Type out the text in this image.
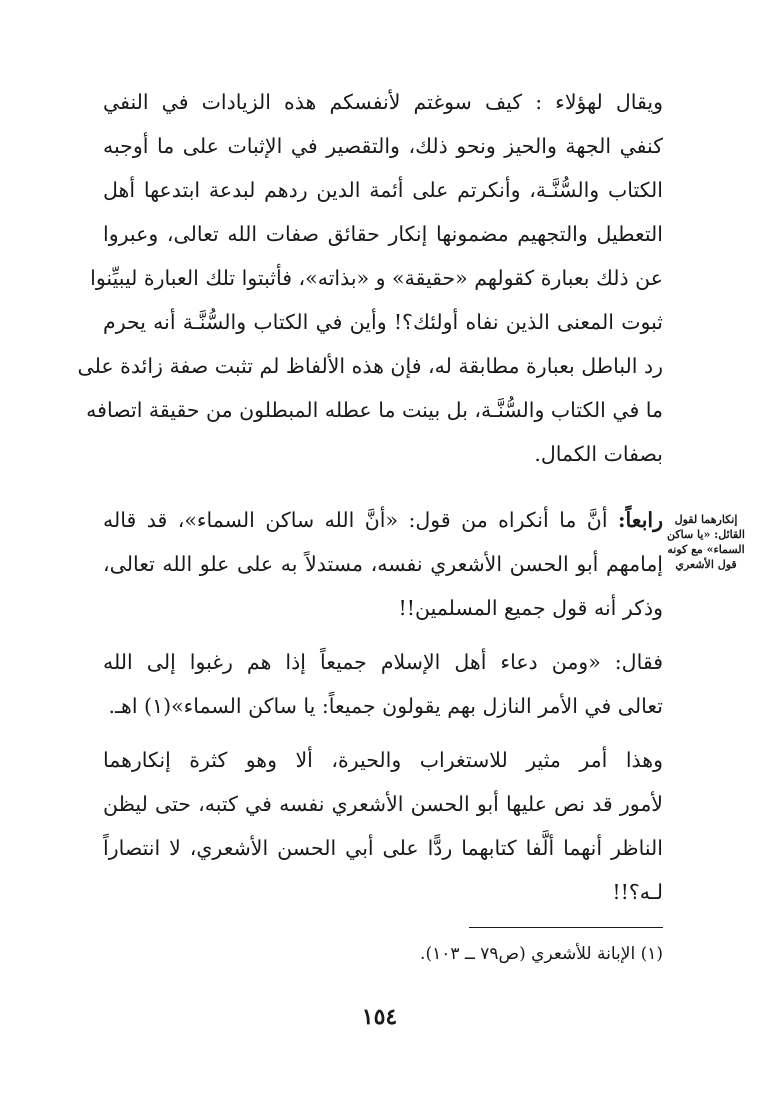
ويقال لهؤلاء : كيف سوغتم لأنفسكم هذه الزيادات في النفي
كنفي الجهة والحيز ونحو ذلك، والتقصير في الإثبات على ما أوجبه
الكتاب والسُّنَّـة، وأنكرتم على أئمة الدين ردهم لبدعة ابتدعها أهل
التعطيل والتجهيم مضمونها إنكار حقائق صفات الله تعالى، وعبروا
عن ذلك بعبارة كقولهم «حقيقة» و «بذاته»، فأثبتوا تلك العبارة ليبيِّنوا
ثبوت المعنى الذين نفاه أولئك؟! وأين في الكتاب والسُّنَّـة أنه يحرم
رد الباطل بعبارة مطابقة له، فإن هذه الألفاظ لم تثبت صفة زائدة على
ما في الكتاب والسُّنَّـة، بل بينت ما عطله المبطلون من حقيقة اتصافه
بصفات الكمال.
إنكارهما لقول
القائل: «يا ساكن
السماء» مع كونه
قول الأشعري
رابعاً: أنَّ ما أنكراه من قول: «أنَّ الله ساكن السماء»، قد قاله
إمامهم أبو الحسن الأشعري نفسه، مستدلاً به على علو الله تعالى،
وذكر أنه قول جميع المسلمين!!
فقال: «ومن دعاء أهل الإسلام جميعاً إذا هم رغبوا إلى الله
تعالى في الأمر النازل بهم يقولون جميعاً: يا ساكن السماء»(١) اهـ.
وهذا أمر مثير للاستغراب والحيرة، ألا وهو كثرة إنكارهما
لأمور قد نص عليها أبو الحسن الأشعري نفسه في كتبه، حتى ليظن
الناظر أنهما ألَّفا كتابهما ردًّا على أبي الحسن الأشعري، لا انتصاراً
لـه؟!!
(١) الإبانة للأشعري (ص٧٩ ــ ١٠٣).
١٥٤
